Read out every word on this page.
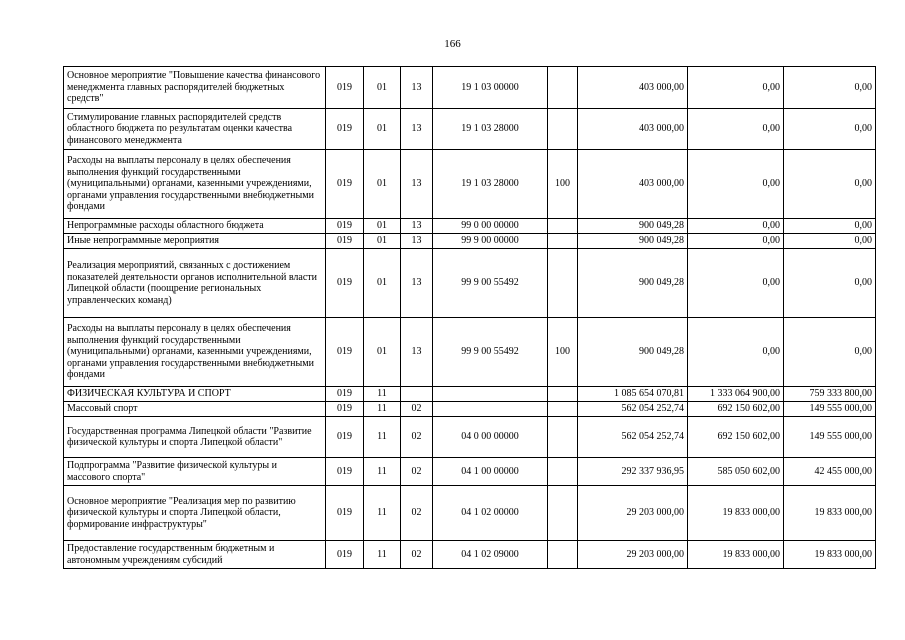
166
Основное мероприятие "Повышение качества финансового менеджмента главных распорядителей бюджетных средств"	019	01	13	19 1 03 00000		403 000,00	0,00	0,00
Стимулирование главных распорядителей средств областного бюджета по результатам оценки качества финансового менеджмента	019	01	13	19 1 03 28000		403 000,00	0,00	0,00
Расходы на выплаты персоналу в целях обеспечения выполнения функций государственными (муниципальными) органами, казенными учреждениями, органами управления государственными внебюджетными фондами	019	01	13	19 1 03 28000	100	403 000,00	0,00	0,00
Непрограммные расходы областного бюджета	019	01	13	99 0 00 00000		900 049,28	0,00	0,00
Иные непрограммные мероприятия	019	01	13	99 9 00 00000		900 049,28	0,00	0,00
Реализация мероприятий, связанных с достижением показателей деятельности органов исполнительной власти Липецкой области (поощрение региональных управленческих команд)	019	01	13	99 9 00 55492		900 049,28	0,00	0,00
Расходы на выплаты персоналу в целях обеспечения выполнения функций государственными (муниципальными) органами, казенными учреждениями, органами управления государственными внебюджетными фондами	019	01	13	99 9 00 55492	100	900 049,28	0,00	0,00
ФИЗИЧЕСКАЯ КУЛЬТУРА И СПОРТ	019	11				1 085 654 070,81	1 333 064 900,00	759 333 800,00
Массовый спорт	019	11	02			562 054 252,74	692 150 602,00	149 555 000,00
Государственная программа Липецкой области "Развитие физической культуры и спорта Липецкой области"	019	11	02	04 0 00 00000		562 054 252,74	692 150 602,00	149 555 000,00
Подпрограмма "Развитие физической культуры и массового спорта"	019	11	02	04 1 00 00000		292 337 936,95	585 050 602,00	42 455 000,00
Основное мероприятие "Реализация мер по развитию физической культуры и спорта Липецкой области, формирование инфраструктуры"	019	11	02	04 1 02 00000		29 203 000,00	19 833 000,00	19 833 000,00
Предоставление государственным бюджетным и автономным учреждениям субсидий	019	11	02	04 1 02 09000		29 203 000,00	19 833 000,00	19 833 000,00
